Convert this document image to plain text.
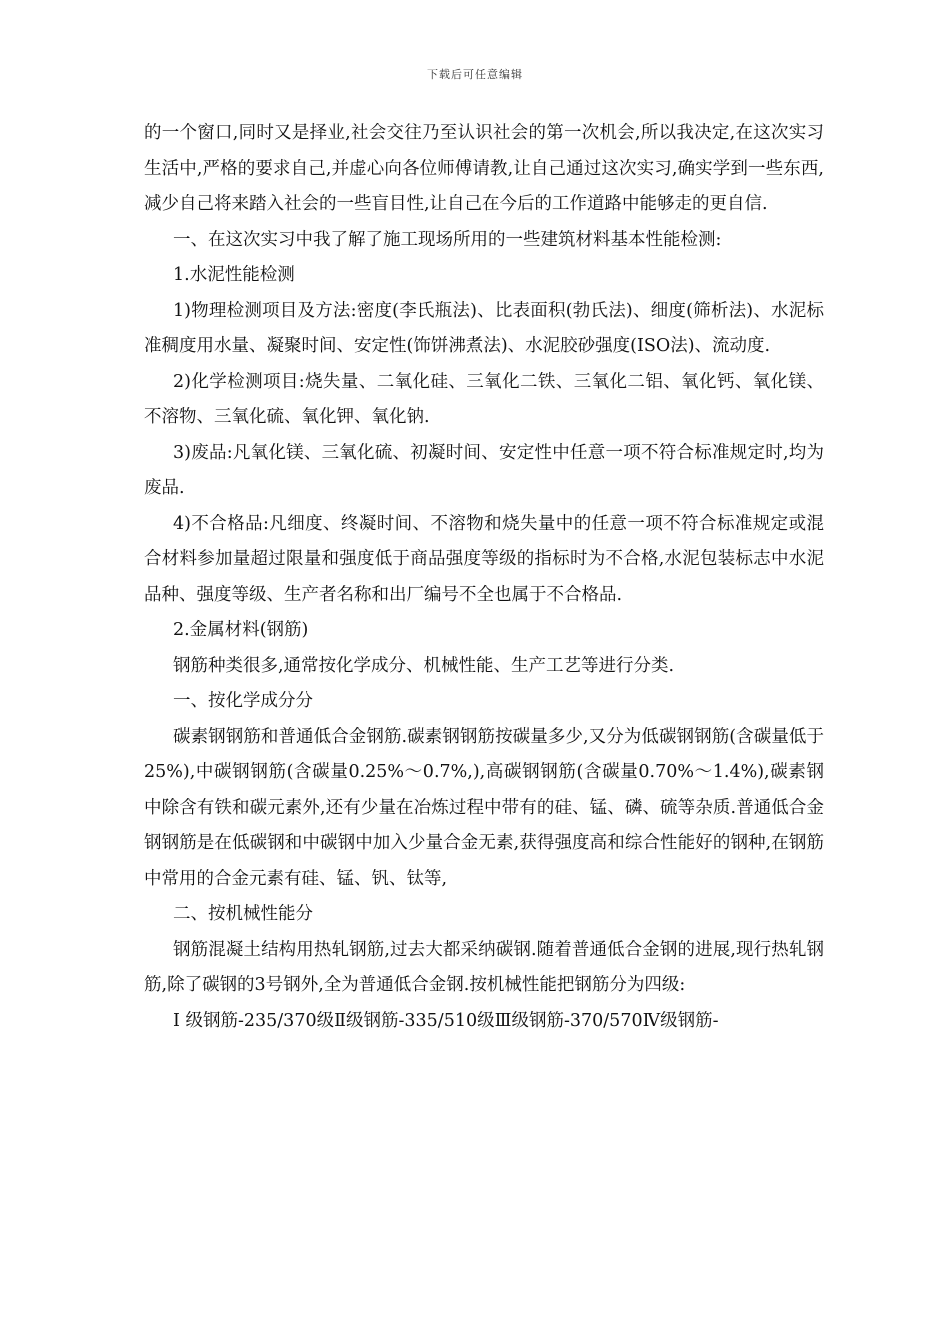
下载后可任意编辑

的一个窗口,同时又是择业,社会交往乃至认识社会的第一次机会,所以我决定,在这次实习生活中,严格的要求自己,并虚心向各位师傅请教,让自己通过这次实习,确实学到一些东西,减少自己将来踏入社会的一些盲目性,让自己在今后的工作道路中能够走的更自信.

一、在这次实习中我了解了施工现场所用的一些建筑材料基本性能检测:

1.水泥性能检测

1)物理检测项目及方法:密度(李氏瓶法)、比表面积(勃氏法)、细度(筛析法)、水泥标准稠度用水量、凝聚时间、安定性(饰饼沸煮法)、水泥胶砂强度(ISO法)、流动度.

2)化学检测项目:烧失量、二氧化硅、三氧化二铁、三氧化二铝、氧化钙、氧化镁、不溶物、三氧化硫、氧化钾、氧化钠.

3)废品:凡氧化镁、三氧化硫、初凝时间、安定性中任意一项不符合标准规定时,均为废品.

4)不合格品:凡细度、终凝时间、不溶物和烧失量中的任意一项不符合标准规定或混合材料参加量超过限量和强度低于商品强度等级的指标时为不合格,水泥包装标志中水泥品种、强度等级、生产者名称和出厂编号不全也属于不合格品.

2.金属材料(钢筋)

钢筋种类很多,通常按化学成分、机械性能、生产工艺等进行分类.

一、按化学成分分

碳素钢钢筋和普通低合金钢筋.碳素钢钢筋按碳量多少,又分为低碳钢钢筋(含碳量低于25%),中碳钢钢筋(含碳量0.25%～0.7%,),高碳钢钢筋(含碳量0.70%～1.4%),碳素钢中除含有铁和碳元素外,还有少量在冶炼过程中带有的硅、锰、磷、硫等杂质.普通低合金钢钢筋是在低碳钢和中碳钢中加入少量合金无素,获得强度高和综合性能好的钢种,在钢筋中常用的合金元素有硅、锰、钒、钛等,

二、按机械性能分

钢筋混凝土结构用热轧钢筋,过去大都采纳碳钢.随着普通低合金钢的进展,现行热轧钢筋,除了碳钢的3号钢外,全为普通低合金钢.按机械性能把钢筋分为四级:

Ⅰ 级钢筋-235/370级Ⅱ级钢筋-335/510级Ⅲ级钢筋-370/570Ⅳ级钢筋-
